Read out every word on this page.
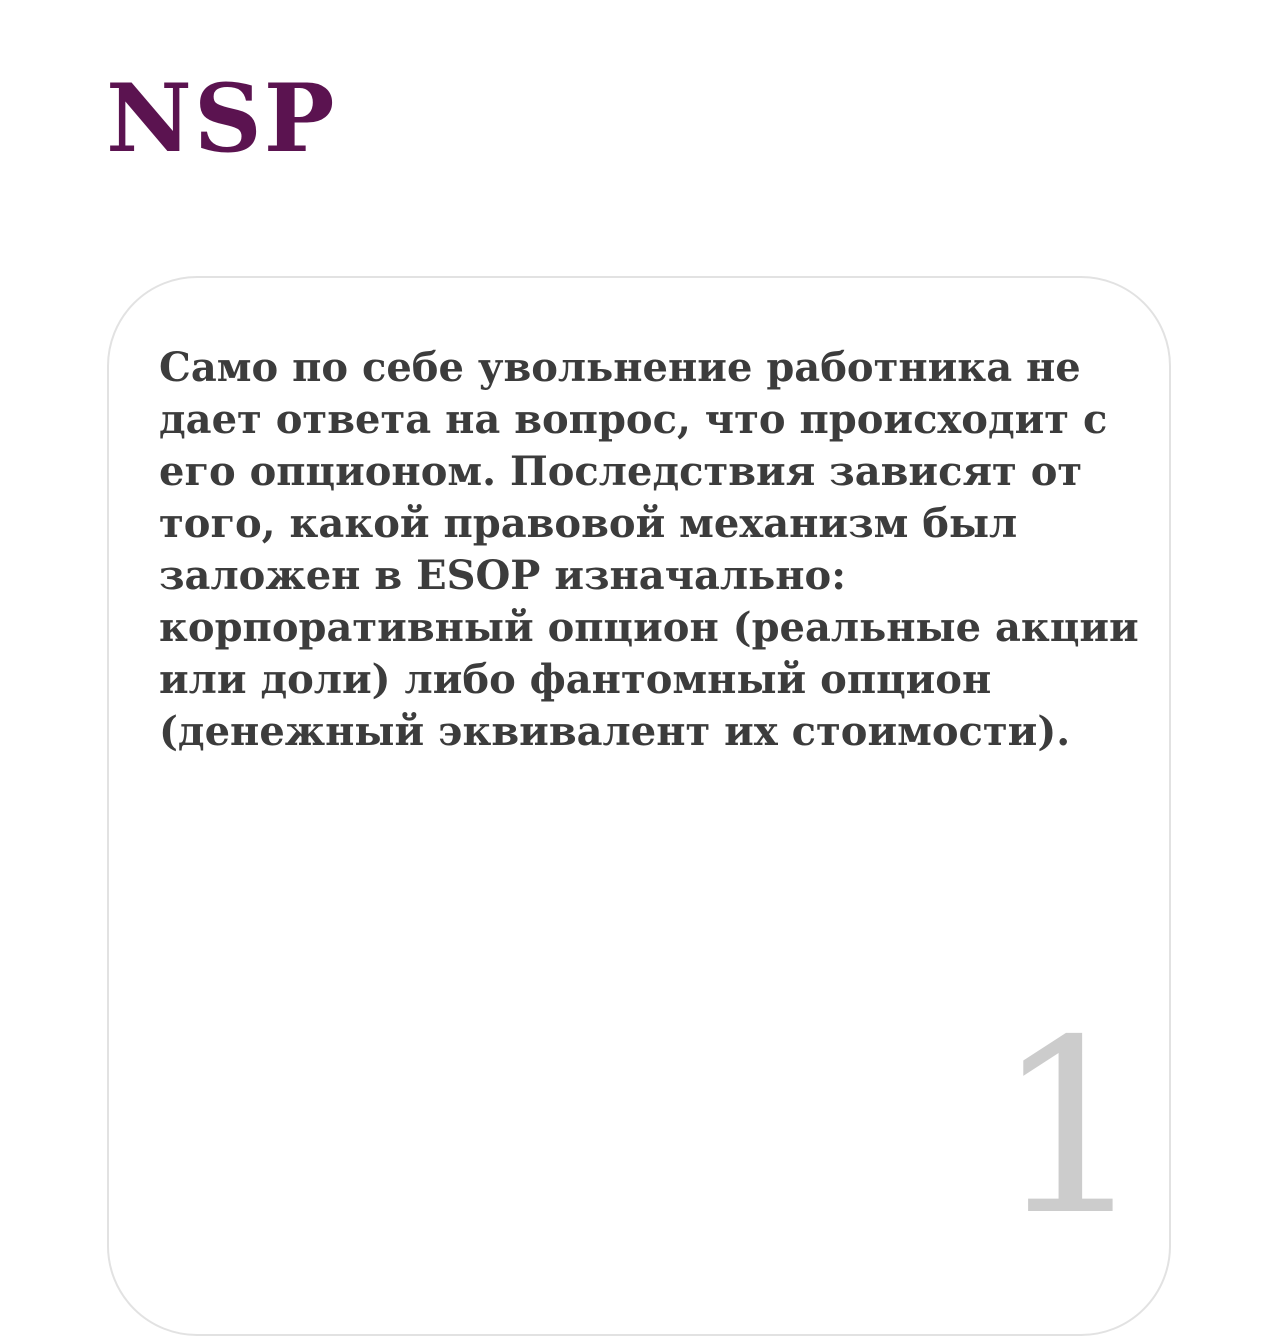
NSP

Само по себе увольнение работника не
дает ответа на вопрос, что происходит с
его опционом. Последствия зависят от
того, какой правовой механизм был
заложен в ESOP изначально:
корпоративный опцион (реальные акции
или доли) либо фантомный опцион
(денежный эквивалент их стоимости).

1
